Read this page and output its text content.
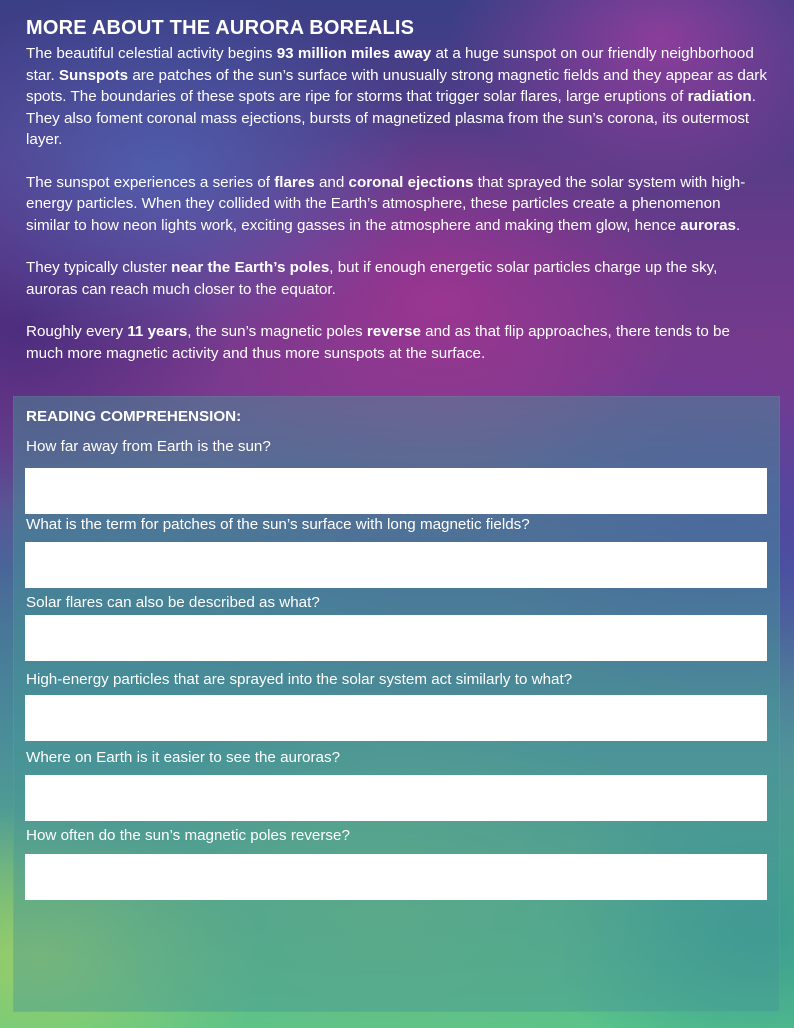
MORE ABOUT THE AURORA BOREALIS

The beautiful celestial activity begins 93 million miles away at a huge sunspot on our friendly neighborhood star. Sunspots are patches of the sun’s surface with unusually strong magnetic fields and they appear as dark spots. The boundaries of these spots are ripe for storms that trigger solar flares, large eruptions of radiation. They also foment coronal mass ejections, bursts of magnetized plasma from the sun’s corona, its outermost layer.

The sunspot experiences a series of flares and coronal ejections that sprayed the solar system with high-energy particles. When they collided with the Earth’s atmosphere, these particles create a phenomenon similar to how neon lights work, exciting gasses in the atmosphere and making them glow, hence auroras.

They typically cluster near the Earth’s poles, but if enough energetic solar particles charge up the sky, auroras can reach much closer to the equator.

Roughly every 11 years, the sun’s magnetic poles reverse and as that flip approaches, there tends to be much more magnetic activity and thus more sunspots at the surface.

READING COMPREHENSION:
How far away from Earth is the sun?
What is the term for patches of the sun’s surface with long magnetic fields?
Solar flares can also be described as what?
High-energy particles that are sprayed into the solar system act similarly to what?
Where on Earth is it easier to see the auroras?
How often do the sun’s magnetic poles reverse?
